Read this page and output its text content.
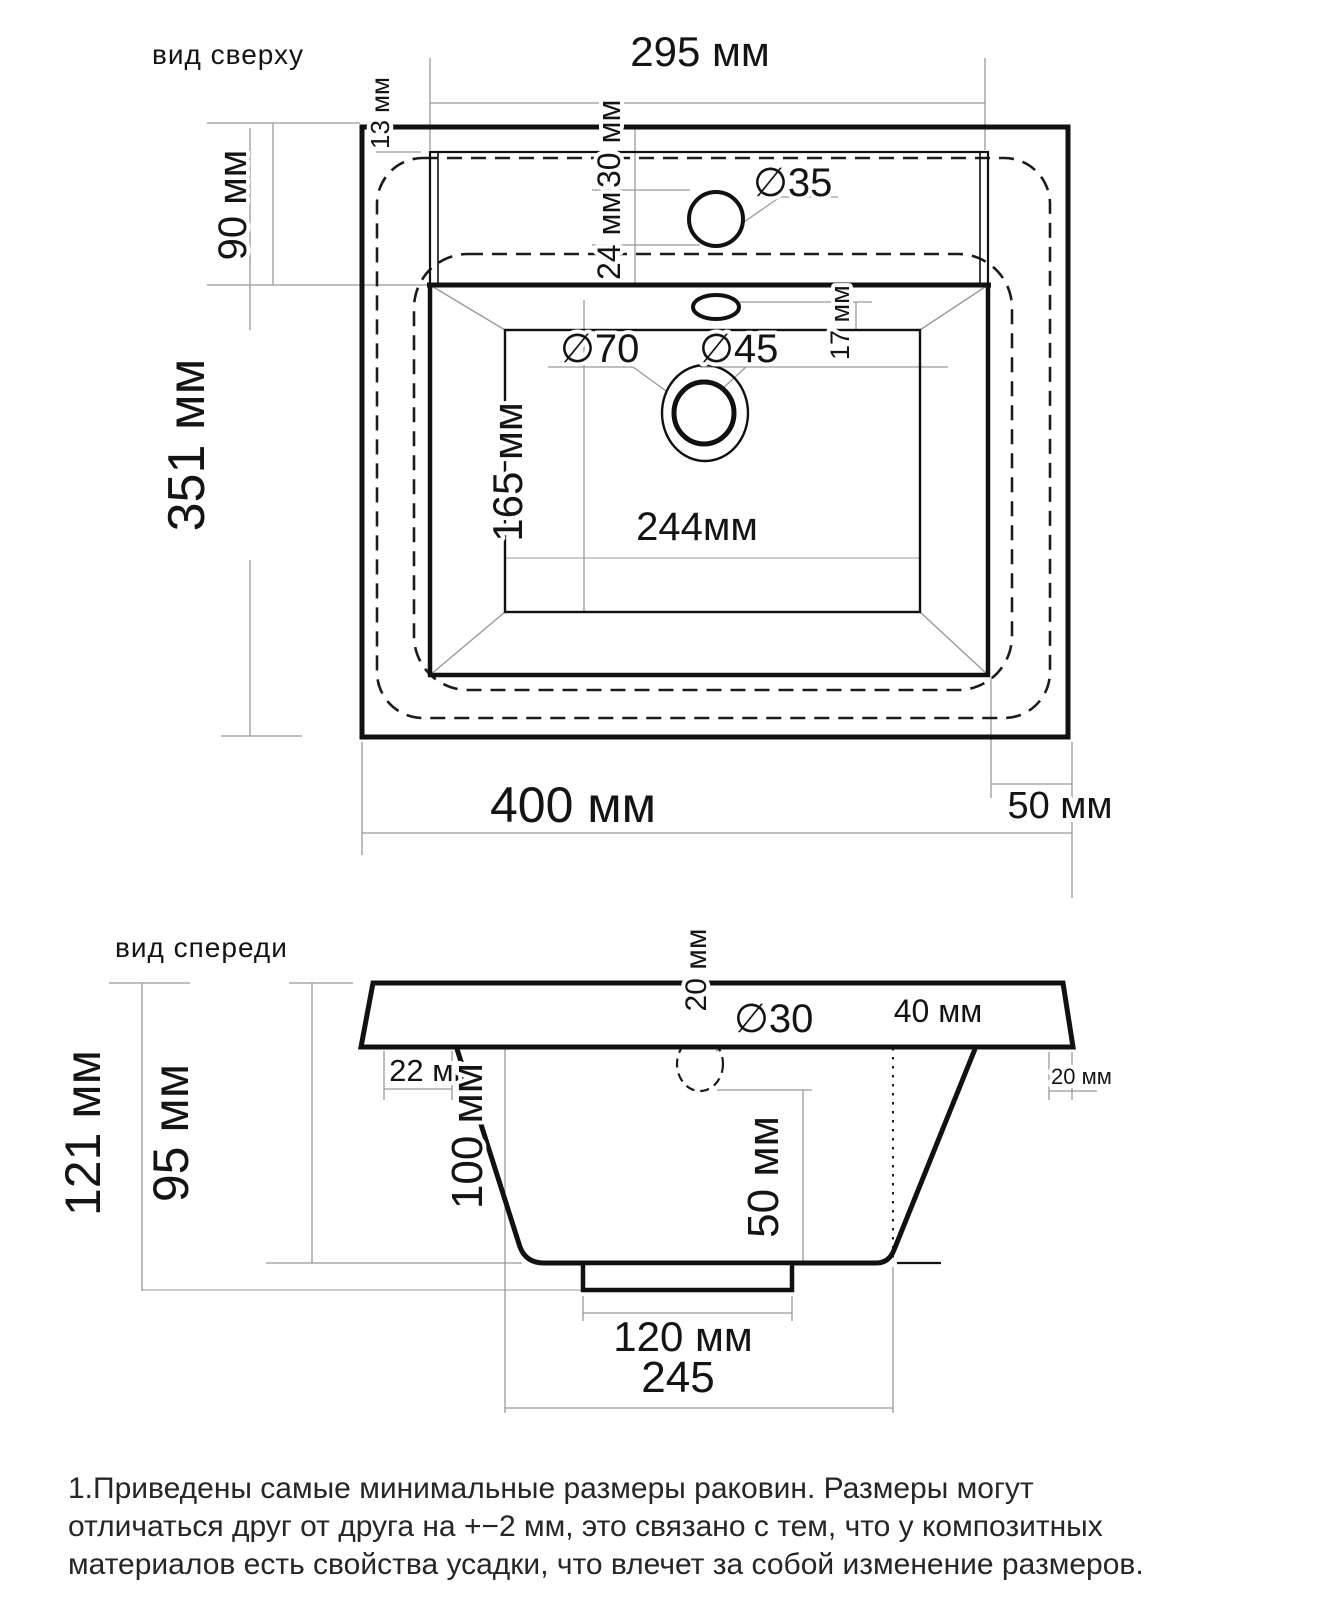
вид сверху	295 мм
13 мм
90 мм
351 мм
30 мм
24 мм
∅35
∅70 ∅45 17 мм
165 мм	244мм
400 мм	50 мм
вид спереди
121 мм 95 мм	22 мм
100 мм
20 мм
∅30	40 мм
20 мм
50 мм
120 мм
245
1.Приведены самые минимальные размеры раковин. Размеры могут
отличаться друг от друга на +−2 мм, это связано с тем, что у композитных
материалов есть свойства усадки, что влечет за собой изменение размеров.
